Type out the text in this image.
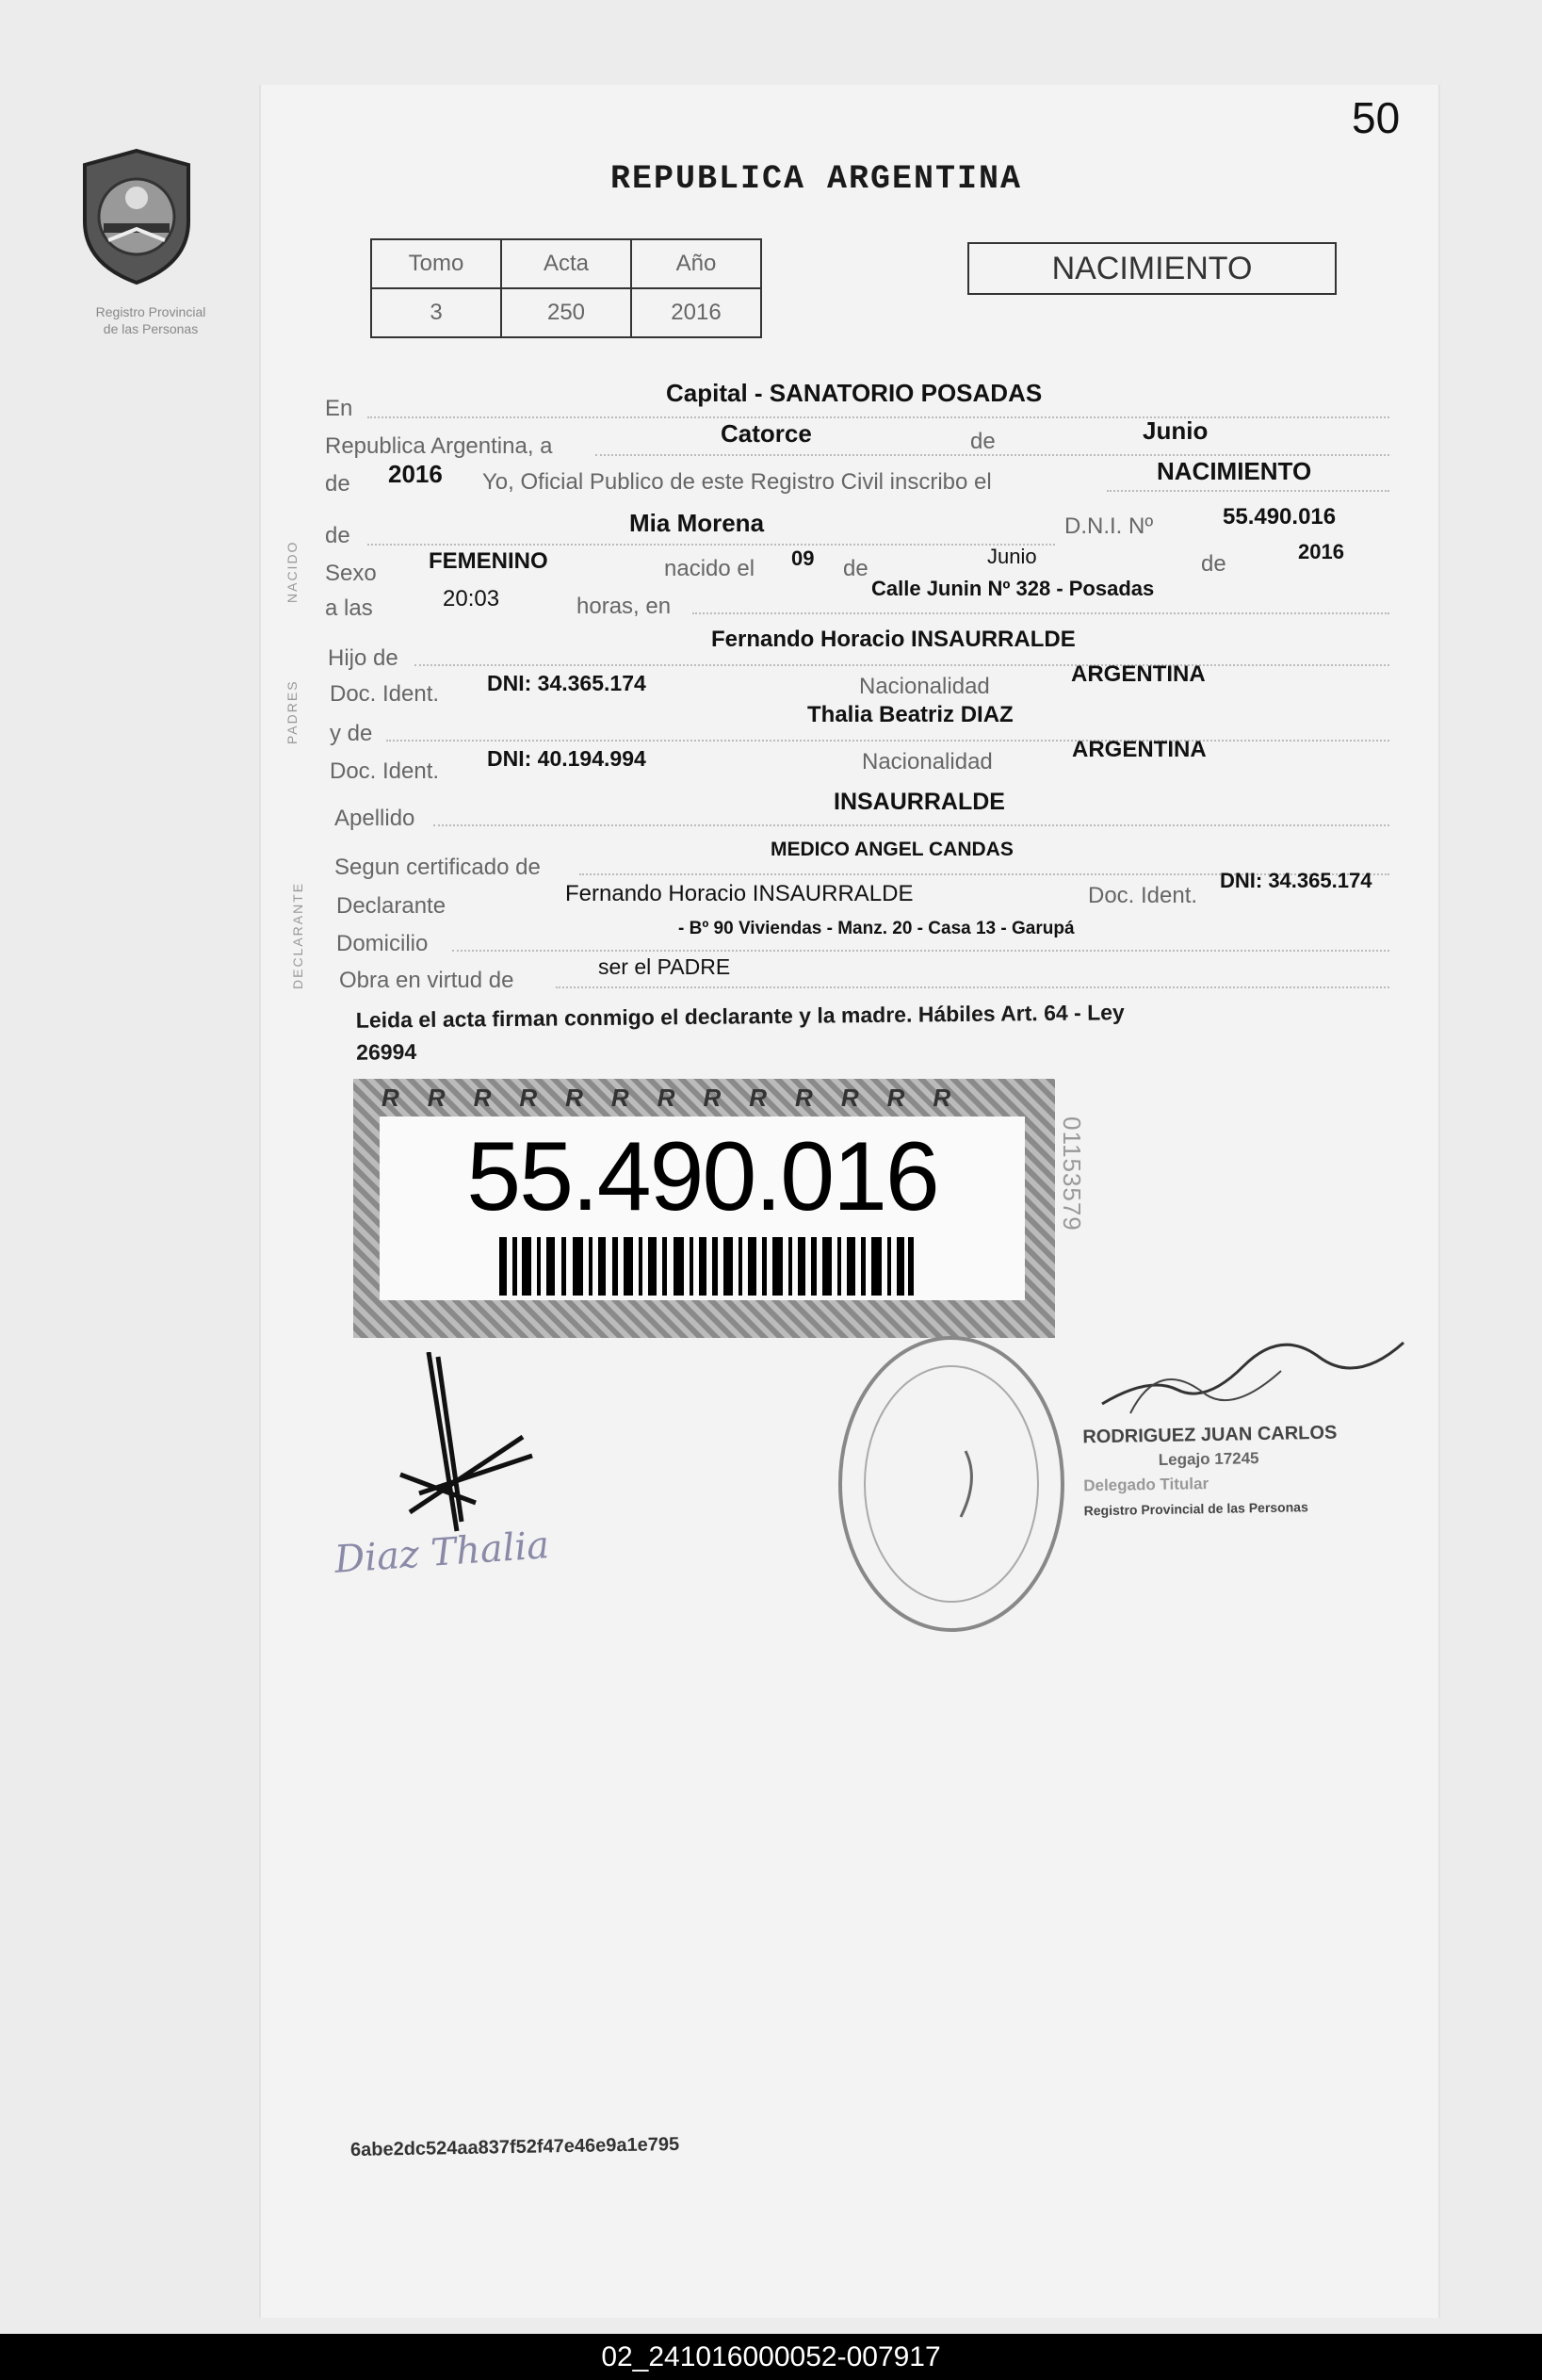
50
Registro Provincial
de las Personas
REPUBLICA ARGENTINA
Tomo	Acta	Año
3	250	2016
NACIMIENTO
NACIDO
PADRES
DECLARANTE
En
Capital - SANATORIO POSADAS
Republica Argentina, a	Catorce	de	Junio
de 2016 Yo, Oficial Publico de este Registro Civil inscribo el	NACIMIENTO
de	Mia Morena	D.N.I. Nº	55.490.016
Sexo FEMENINO	nacido el 09 de	Junio	de	2016
a las	20:03	horas, en
Calle Junin Nº 328 - Posadas
Hijo de
Fernando Horacio INSAURRALDE
Doc. Ident. DNI: 34.365.174	Nacionalidad	ARGENTINA
y de
Thalia Beatriz DIAZ
Doc. Ident. DNI: 40.194.994	Nacionalidad	ARGENTINA
Apellido
INSAURRALDE
Segun certificado de
MEDICO ANGEL CANDAS
Declarante	Fernando Horacio INSAURRALDE	Doc. Ident.
DNI: 34.365.174
Domicilio
- Bº 90 Viviendas - Manz. 20 - Casa 13 - Garupá
Obra en virtud de
ser el PADRE
Leida el acta firman conmigo el declarante y la madre. Hábiles Art. 64 - Ley
26994
RRRRRRRRRRRRR
55.490.016	01153579
RODRIGUEZ JUAN CARLOS
Legajo 17245
Delegado Titular
Registro Provincial de las Personas
Diaz Thalia
6abe2dc524aa837f52f47e46e9a1e795
02_241016000052-007917
